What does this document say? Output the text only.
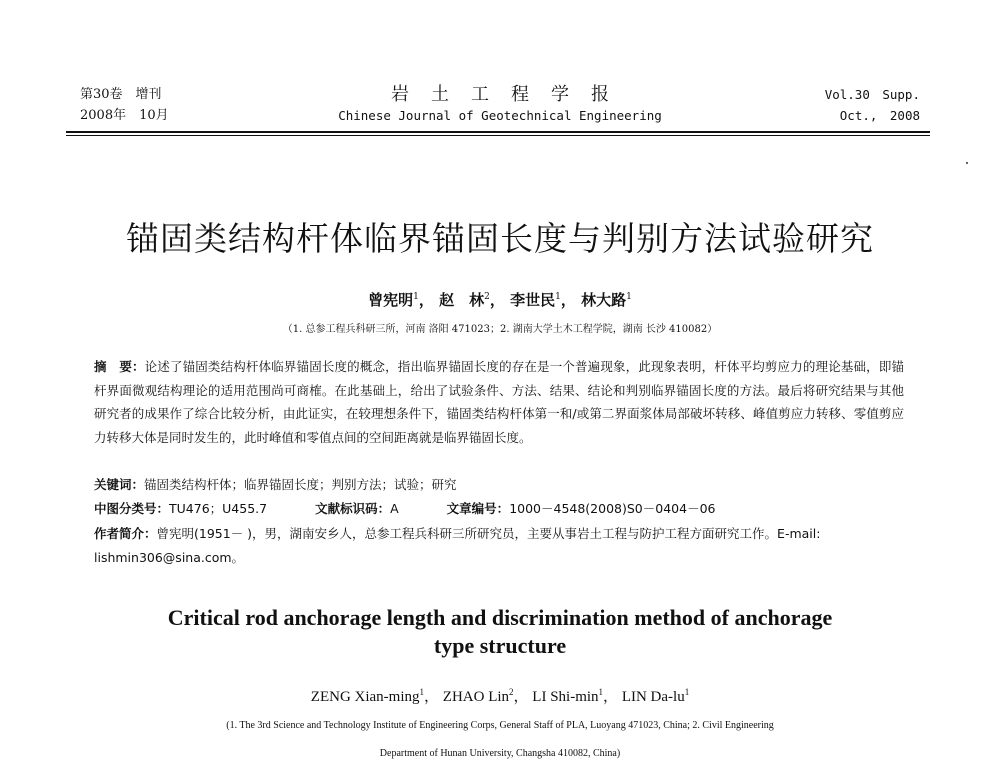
第30卷　增刊
2008年　10月
岩土工程学报
Chinese Journal of Geotechnical Engineering
Vol.30　Supp.
Oct.,　2008
锚固类结构杆体临界锚固长度与判别方法试验研究
曾宪明$^1$， 赵　林$^2$， 李世民$^1$， 林大路$^1$
（1. 总参工程兵科研三所，河南 洛阳 471023；2. 湖南大学土木工程学院，湖南 长沙 410082）
摘　要：论述了锚固类结构杆体临界锚固长度的概念，指出临界锚固长度的存在是一个普遍现象，此现象表明，杆体平均剪应力的理论基础，即锚杆界面微观结构理论的适用范围尚可商榷。在此基础上，给出了试验条件、方法、结果、结论和判别临界锚固长度的方法。最后将研究结果与其他研究者的成果作了综合比较分析，由此证实，在较理想条件下，锚固类结构杆体第一和/或第二界面浆体局部破坏转移、峰值剪应力转移、零值剪应力转移大体是同时发生的，此时峰值和零值点间的空间距离就是临界锚固长度。
关键词：锚固类结构杆体；临界锚固长度；判别方法；试验；研究
中图分类号：TU476；U455.7	文献标识码：A	文章编号：1000－4548(2008)S0－0404－06
作者简介：曾宪明(1951－ )，男，湖南安乡人，总参工程兵科研三所研究员，主要从事岩土工程与防护工程方面研究工作。E-mail: lishmin306@sina.com。
Critical rod anchorage length and discrimination method of anchorage
type structure
ZENG Xian-ming$^1$， ZHAO Lin$^2$， LI Shi-$\min^1$， LIN $Da-lu^1$
(1. The 3rd Science and Technology Institute of Engineering Corps, General Staff of PLA, Luoyang 471023, China; 2. Civil Engineering
Department of Hunan University, Changsha 410082, China)
